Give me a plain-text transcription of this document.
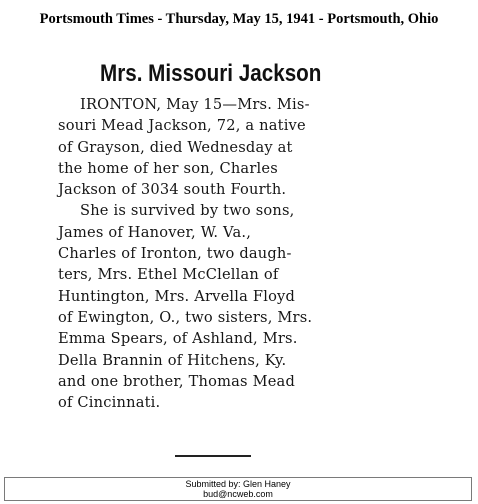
Portsmouth Times - Thursday, May 15, 1941 - Portsmouth, Ohio
Mrs. Missouri Jackson
IRONTON, May 15—Mrs. Mis-
souri Mead Jackson, 72, a native
of Grayson, died Wednesday at
the home of her son, Charles
Jackson of 3034 south Fourth.
She is survived by two sons,
James of Hanover, W. Va.,
Charles of Ironton, two daugh-
ters, Mrs. Ethel McClellan of
Huntington, Mrs. Arvella Floyd
of Ewington, O., two sisters, Mrs.
Emma Spears, of Ashland, Mrs.
Della Brannin of Hitchens, Ky.
and one brother, Thomas Mead
of Cincinnati.
Submitted by: Glen Haney
bud@ncweb.com
